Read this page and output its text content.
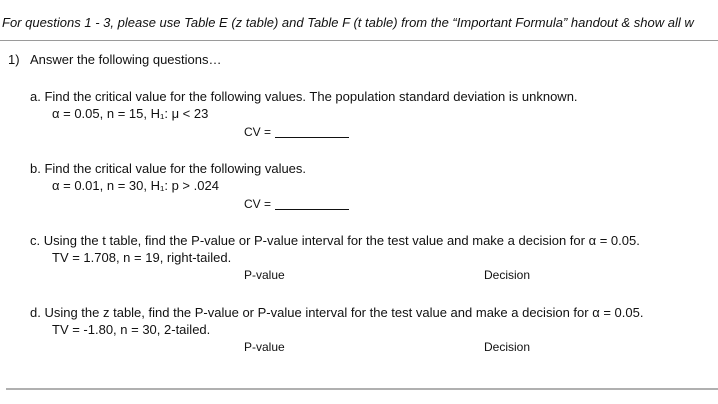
For questions 1 - 3, please use Table E (z table) and Table F (t table) from the “Important Formula” handout & show all w
1) Answer the following questions…
a. Find the critical value for the following values. The population standard deviation is unknown.
α = 0.05, n = 15, H₁: μ < 23
CV =
b. Find the critical value for the following values.
α = 0.01, n = 30, H₁: p > .024
CV =
c. Using the t table, find the P-value or P-value interval for the test value and make a decision for α = 0.05.
TV = 1.708, n = 19, right-tailed.
P-value	Decision
d. Using the z table, find the P-value or P-value interval for the test value and make a decision for α = 0.05.
TV = -1.80, n = 30, 2-tailed.
P-value	Decision
